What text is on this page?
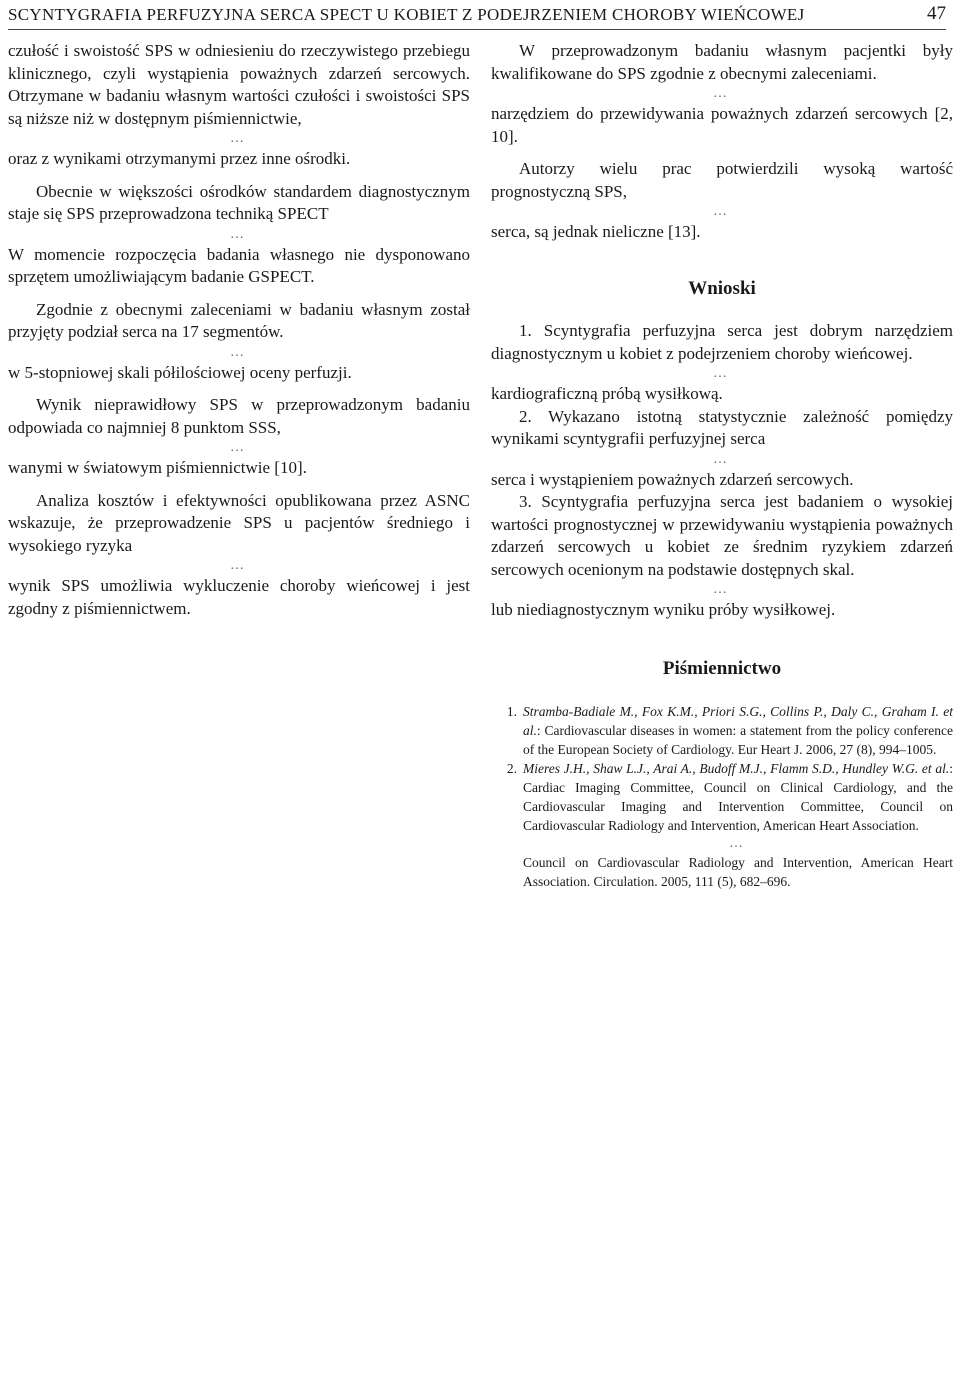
SCYNTYGRAFIA PERFUZYJNA SERCA SPECT U KOBIET Z PODEJRZENIEM CHOROBY WIEŃCOWEJ	47

czułość i swoistość SPS w odniesieniu do rzeczywistego przebiegu klinicznego, czyli wystąpienia poważnych zdarzeń sercowych. Otrzymane w badaniu własnym wartości czułości i swoistości SPS są niższe niż w dostępnym piśmiennictwie,

…

oraz z wynikami otrzymanymi przez inne ośrodki.

Obecnie w większości ośrodków standardem diagnostycznym staje się SPS przeprowadzona techniką SPECT

…

W momencie rozpoczęcia badania własnego nie dysponowano sprzętem umożliwiającym badanie GSPECT.

Zgodnie z obecnymi zaleceniami w badaniu własnym został przyjęty podział serca na 17 segmentów.

…

w 5-stopniowej skali półilościowej oceny perfuzji.

Wynik nieprawidłowy SPS w przeprowadzonym badaniu odpowiada co najmniej 8 punktom SSS,

…

wanymi w światowym piśmiennictwie [10].

Analiza kosztów i efektywności opublikowana przez ASNC wskazuje, że przeprowadzenie SPS u pacjentów średniego i wysokiego ryzyka

…

wynik SPS umożliwia wykluczenie choroby wieńcowej i jest zgodny z piśmiennictwem.

W przeprowadzonym badaniu własnym pacjentki były kwalifikowane do SPS zgodnie z obecnymi zaleceniami.

…

narzędziem do przewidywania poważnych zdarzeń sercowych [2, 10].

Autorzy wielu prac potwierdzili wysoką wartość prognostyczną SPS,

…

serca, są jednak nieliczne [13].

Wnioski
1. Scyntygrafia perfuzyjna serca jest dobrym narzędziem diagnostycznym u kobiet z podejrzeniem choroby wieńcowej.
…
kardiograficzną próbą wysiłkową.
2. Wykazano istotną statystycznie zależność pomiędzy wynikami scyntygrafii perfuzyjnej serca
…
serca i wystąpieniem poważnych zdarzeń sercowych.
3. Scyntygrafia perfuzyjna serca jest badaniem o wysokiej wartości prognostycznej w przewidywaniu wystąpienia poważnych zdarzeń sercowych u kobiet ze średnim ryzykiem zdarzeń sercowych ocenionym na podstawie dostępnych skal.
…
lub niediagnostycznym wyniku próby wysiłkowej.
Piśmiennictwo
1. Stramba-Badiale M., Fox K.M., Priori S.G., Collins P., Daly C., Graham I. et al.: Cardiovascular diseases in women: a statement from the policy conference of the European Society of Cardiology. Eur Heart J. 2006, 27 (8), 994–1005.
2. Mieres J.H., Shaw L.J., Arai A., Budoff M.J., Flamm S.D., Hundley W.G. et al.: Cardiac Imaging Committee, Council on Clinical Cardiology, and the Cardiovascular Imaging and Intervention Committee, Council on Cardiovascular Radiology and Intervention, American Heart Association.
…
Council on Cardiovascular Radiology and Intervention, American Heart Association. Circulation. 2005, 111 (5), 682–696.
